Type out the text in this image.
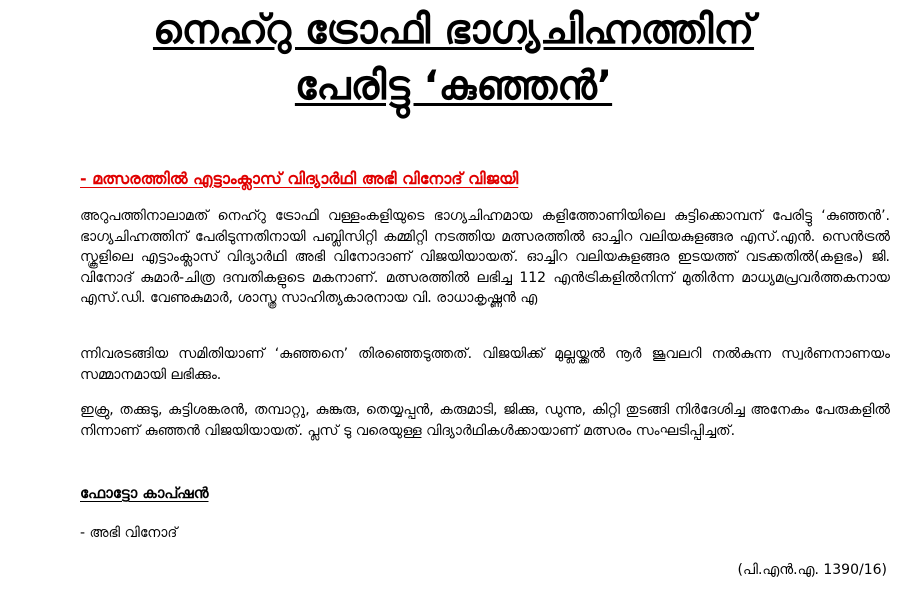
നെഹ്റു ട്രോഫി ഭാഗ്യചിഹ്നത്തിന്
പേരിട്ടു ‘കുഞ്ഞൻ’
- മത്സരത്തിൽ എട്ടാംക്ലാസ് വിദ്യാർഥി അഭി വിനോദ് വിജയി
അറുപത്തിനാലാമത് നെഹ്റു ട്രോഫി വള്ളംകളിയുടെ ഭാഗ്യചിഹ്നമായ കളിത്തോണിയിലെ കുട്ടിക്കൊമ്പന് പേരിട്ടു ‘കുഞ്ഞൻ’. ഭാഗ്യചിഹ്നത്തിന് പേരിടുന്നതിനായി പബ്ലിസിറ്റി കമ്മിറ്റി നടത്തിയ മത്സരത്തിൽ ഓച്ചിറ വലിയകുളങ്ങര എസ്.എൻ. സെൻട്രൽ സ്കൂളിലെ എട്ടാംക്ലാസ് വിദ്യാർഥി അഭി വിനോദാണ് വിജയിയായത്. ഓച്ചിറ വലിയകുളങ്ങര ഇടയത്ത് വടക്കതിൽ(കളഭം) ജി. വിനോദ് കുമാർ-ചിത്ര ദമ്പതികളുടെ മകനാണ്. മത്സരത്തിൽ ലഭിച്ച 112 എൻട്രികളിൽനിന്ന് മുതിർന്ന മാധ്യമപ്രവർത്തകനായ എസ്.ഡി. വേണുകുമാർ, ശാസ്ത്ര സാഹിത്യകാരനായ വി. രാധാകൃഷ്ണൻ എ
ന്നിവരടങ്ങിയ സമിതിയാണ് ‘കുഞ്ഞനെ’ തിരഞ്ഞെടുത്തത്. വിജയിക്ക് മുല്ലയ്ക്കൽ നൂർ ജൂവലറി നൽകുന്ന സ്വർണനാണയം സമ്മാനമായി ലഭിക്കും.
ഇക്രു, തക്കുടു, കുട്ടിശങ്കരൻ, തമ്പാറ്റു, കുങ്കുരു, തെയ്യപ്പൻ, കരുമാടി, ജിക്കു, ഡുന്നു, കിറ്റി തുടങ്ങി നിർദേശിച്ച അനേകം പേരുകളിൽ നിന്നാണ് കുഞ്ഞൻ വിജയിയായത്. പ്ലസ് ടു വരെയുള്ള വിദ്യാർഥികൾക്കായാണ് മത്സരം സംഘടിപ്പിച്ചത്.
ഫോട്ടോ കാപ്ഷൻ
- അഭി വിനോദ്
(പി.എൻ.എ. 1390/16)
